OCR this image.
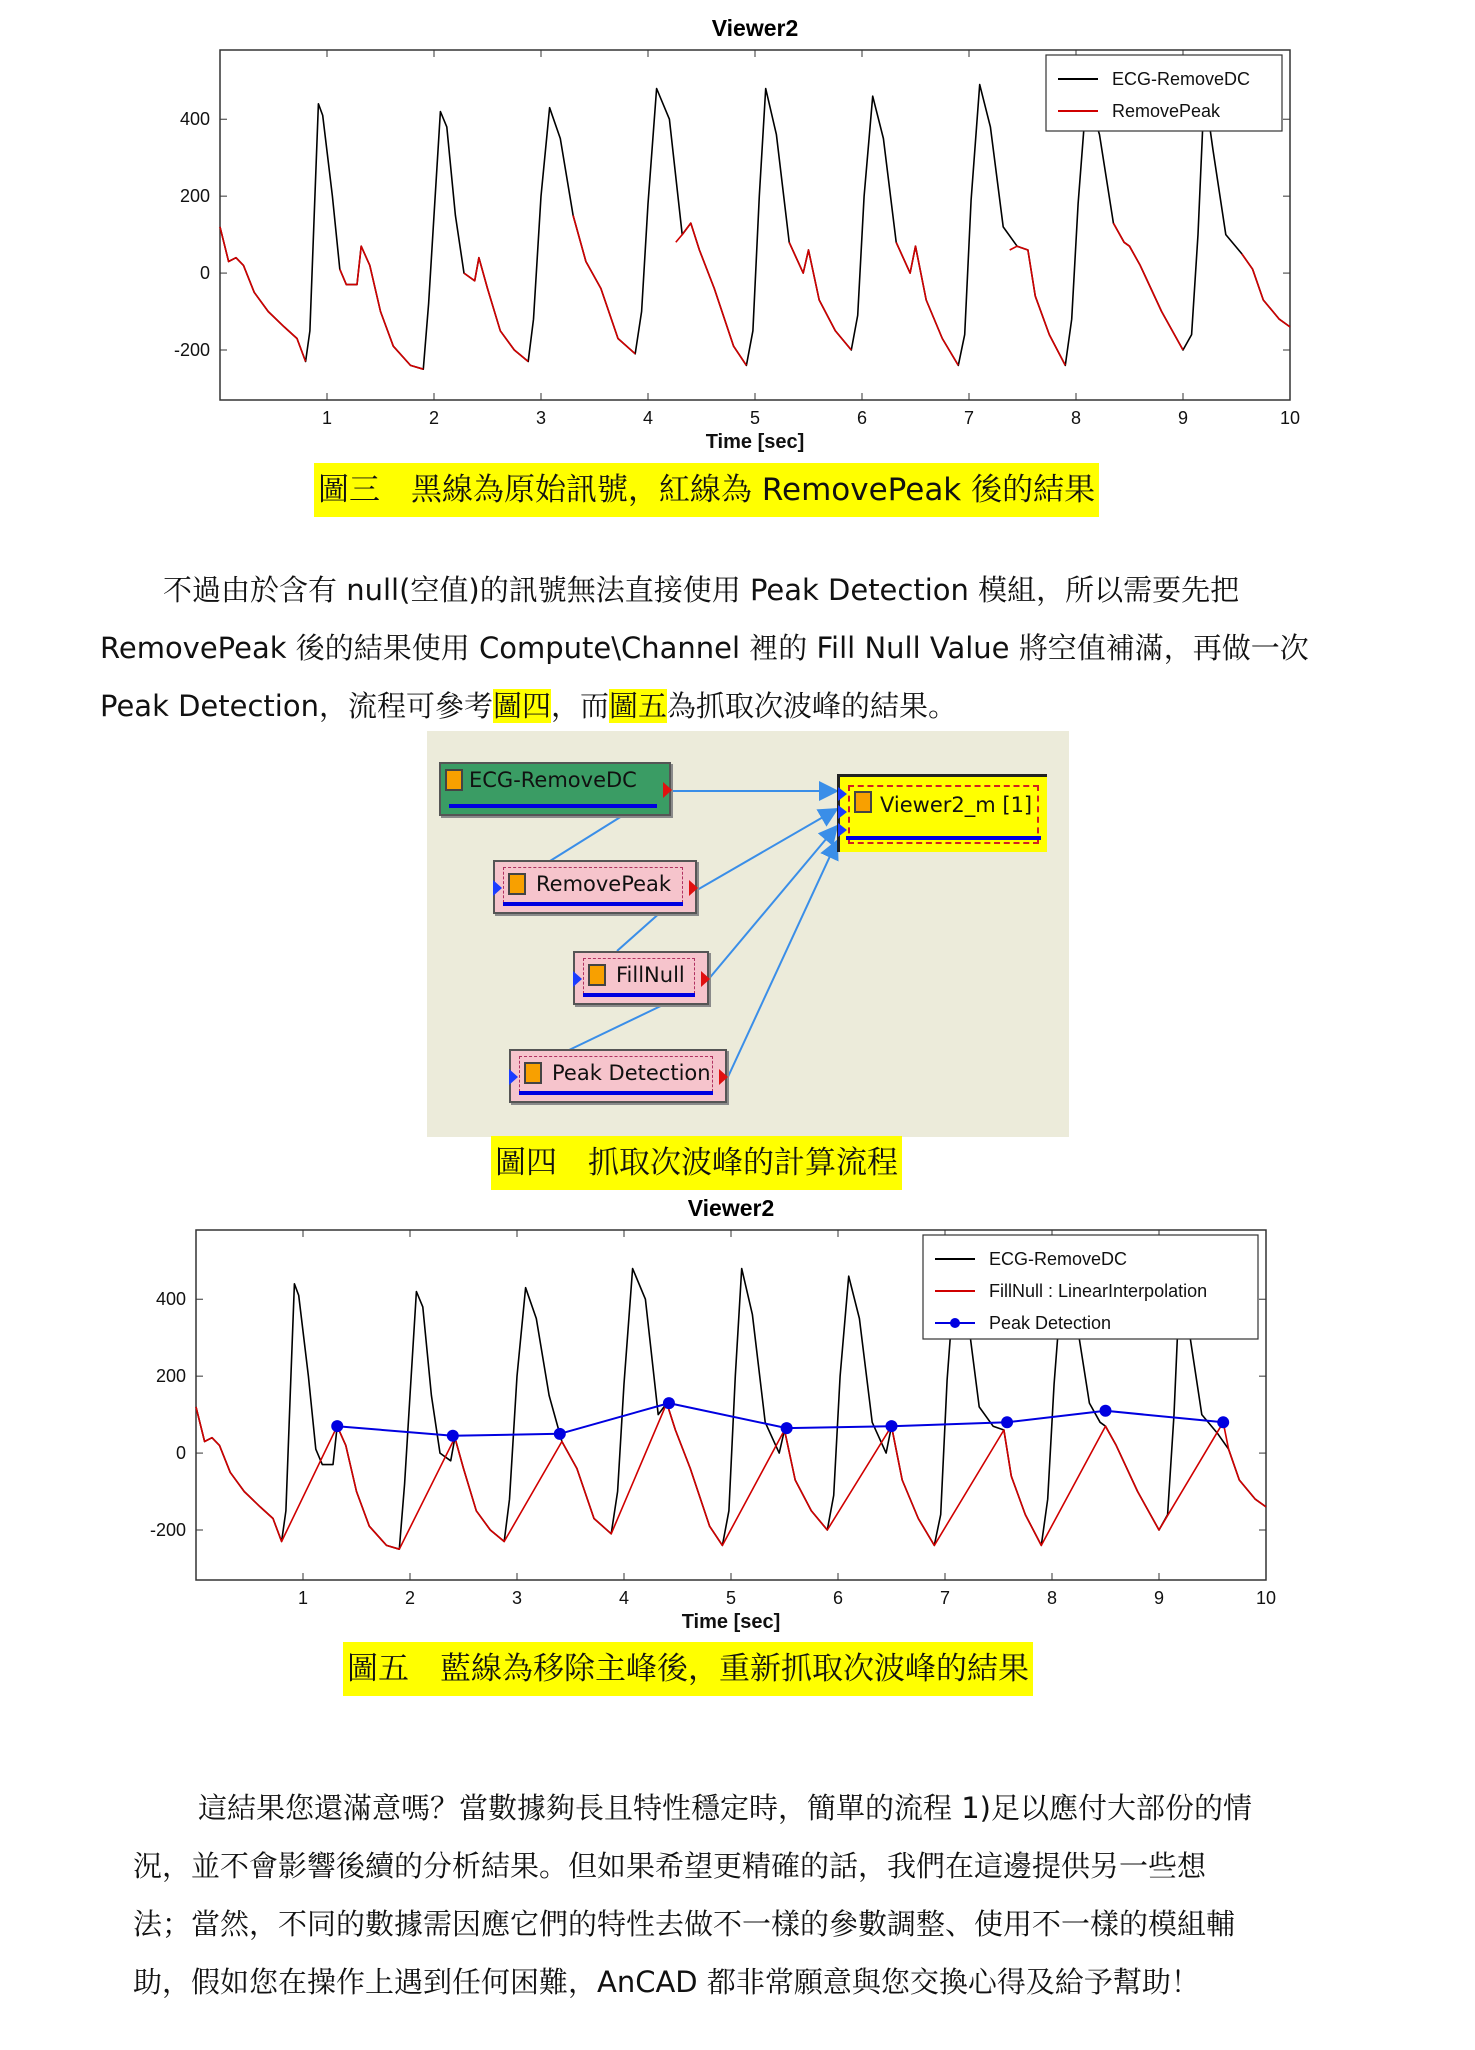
Viewer2
-200
0
200
400
1	2	3	4	5	6	7	8	9	10
Time [sec]
ECG-RemoveDC
RemovePeak
圖三　黑線為原始訊號，紅線為 RemovePeak 後的結果

不過由於含有 null(空值)的訊號無法直接使用 Peak Detection 模組，所以需要先把

RemovePeak 後的結果使用 Compute\Channel 裡的 Fill Null Value 將空值補滿，再做一次

Peak Detection，流程可參考圖四，而圖五為抓取次波峰的結果。

ECG-RemoveDC
RemovePeak
FillNull
Peak Detection
Viewer2_m [1]
圖四　抓取次波峰的計算流程
Viewer2
-200
0
200
400
1	2	3	4	5	6	7	8	9	10
Time [sec]
ECG-RemoveDC
FillNull : LinearInterpolation
Peak Detection
圖五　藍線為移除主峰後，重新抓取次波峰的結果

這結果您還滿意嗎？當數據夠長且特性穩定時，簡單的流程 1)足以應付大部份的情

況，並不會影響後續的分析結果。但如果希望更精確的話，我們在這邊提供另一些想

法；當然，不同的數據需因應它們的特性去做不一樣的參數調整、使用不一樣的模組輔

助，假如您在操作上遇到任何困難，AnCAD 都非常願意與您交換心得及給予幫助！
